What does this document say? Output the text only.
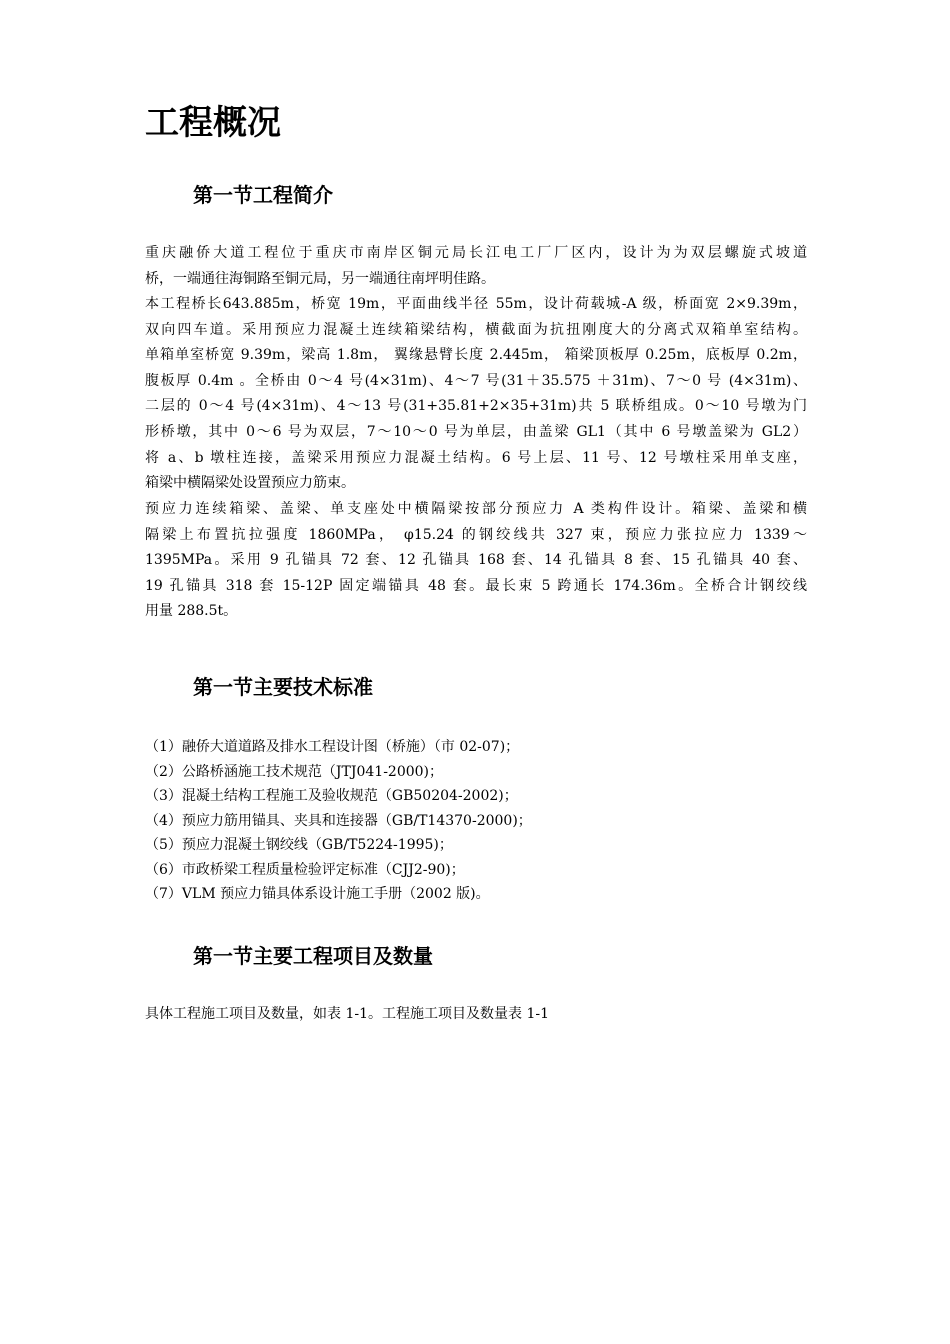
工程概况
第一节工程简介
重庆融侨大道工程位于重庆市南岸区铜元局长江电工厂厂区内，设计为为双层螺旋式坡道
桥，一端通往海铜路至铜元局，另一端通往南坪明佳路。
本工程桥长643.885m，桥宽 19m，平面曲线半径 55m，设计荷载城-A 级，桥面宽 2×9.39m，
双向四车道。采用预应力混凝土连续箱梁结构，横截面为抗扭刚度大的分离式双箱单室结构。
单箱单室桥宽 9.39m，梁高 1.8m， 翼缘悬臂长度 2.445m， 箱梁顶板厚 0.25m，底板厚 0.2m，
腹板厚 0.4m 。全桥由 0～4 号(4×31m)、4～7 号(31＋35.575 ＋31m)、7～0 号 (4×31m)、
二层的 0～4 号(4×31m)、4～13 号(31+35.81+2×35+31m)共 5 联桥组成。0～10 号墩为门
形桥墩，其中 0～6 号为双层，7～10～0 号为单层，由盖梁 GL1（其中 6 号墩盖梁为 GL2）
将 a、b 墩柱连接，盖梁采用预应力混凝土结构。6 号上层、11 号、12 号墩柱采用单支座，
箱梁中横隔梁处设置预应力筋束。
预应力连续箱梁、盖梁、单支座处中横隔梁按部分预应力 A 类构件设计。箱梁、盖梁和横
隔梁上布置抗拉强度 1860MPa， φ15.24 的钢绞线共 327 束，预应力张拉应力 1339～
1395MPa。采用 9 孔锚具 72 套、12 孔锚具 168 套、14 孔锚具 8 套、15 孔锚具 40 套、
19 孔锚具 318 套 15-12P 固定端锚具 48 套。最长束 5 跨通长 174.36m。全桥合计钢绞线
用量 288.5t。
第一节主要技术标准
（1）融侨大道道路及排水工程设计图（桥施）（市 02-07)；
（2）公路桥涵施工技术规范（JTJ041-2000)；
（3）混凝土结构工程施工及验收规范（GB50204-2002)；
（4）预应力筋用锚具、夹具和连接器（GB/T14370-2000)；
（5）预应力混凝土钢绞线（GB/T5224-1995)；
（6）市政桥梁工程质量检验评定标准（CJJ2-90)；
（7）VLM 预应力锚具体系设计施工手册（2002 版)。
第一节主要工程项目及数量
具体工程施工项目及数量，如表 1-1。工程施工项目及数量表 1-1
